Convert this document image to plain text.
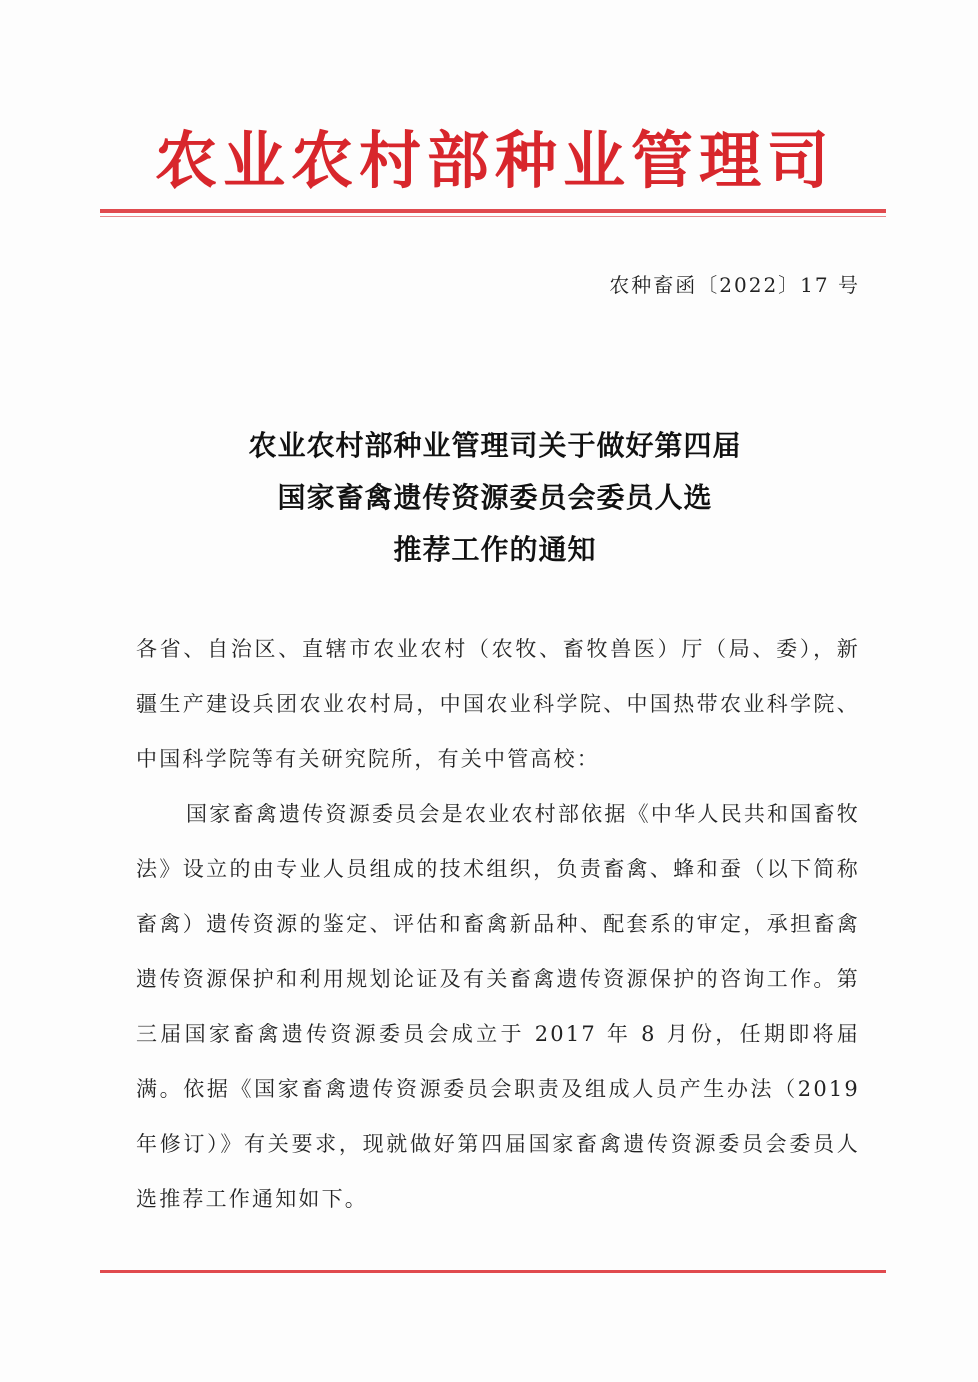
农业农村部种业管理司
农种畜函〔2022〕17 号
农业农村部种业管理司关于做好第四届
国家畜禽遗传资源委员会委员人选
推荐工作的通知

各省、自治区、直辖市农业农村（农牧、畜牧兽医）厅（局、委），新疆生产建设兵团农业农村局，中国农业科学院、中国热带农业科学院、中国科学院等有关研究院所，有关中管高校：

国家畜禽遗传资源委员会是农业农村部依据《中华人民共和国畜牧法》设立的由专业人员组成的技术组织，负责畜禽、蜂和蚕（以下简称畜禽）遗传资源的鉴定、评估和畜禽新品种、配套系的审定，承担畜禽遗传资源保护和利用规划论证及有关畜禽遗传资源保护的咨询工作。第三届国家畜禽遗传资源委员会成立于 2017 年 8 月份，任期即将届满。依据《国家畜禽遗传资源委员会职责及组成人员产生办法（2019 年修订）》有关要求，现就做好第四届国家畜禽遗传资源委员会委员人选推荐工作通知如下。
